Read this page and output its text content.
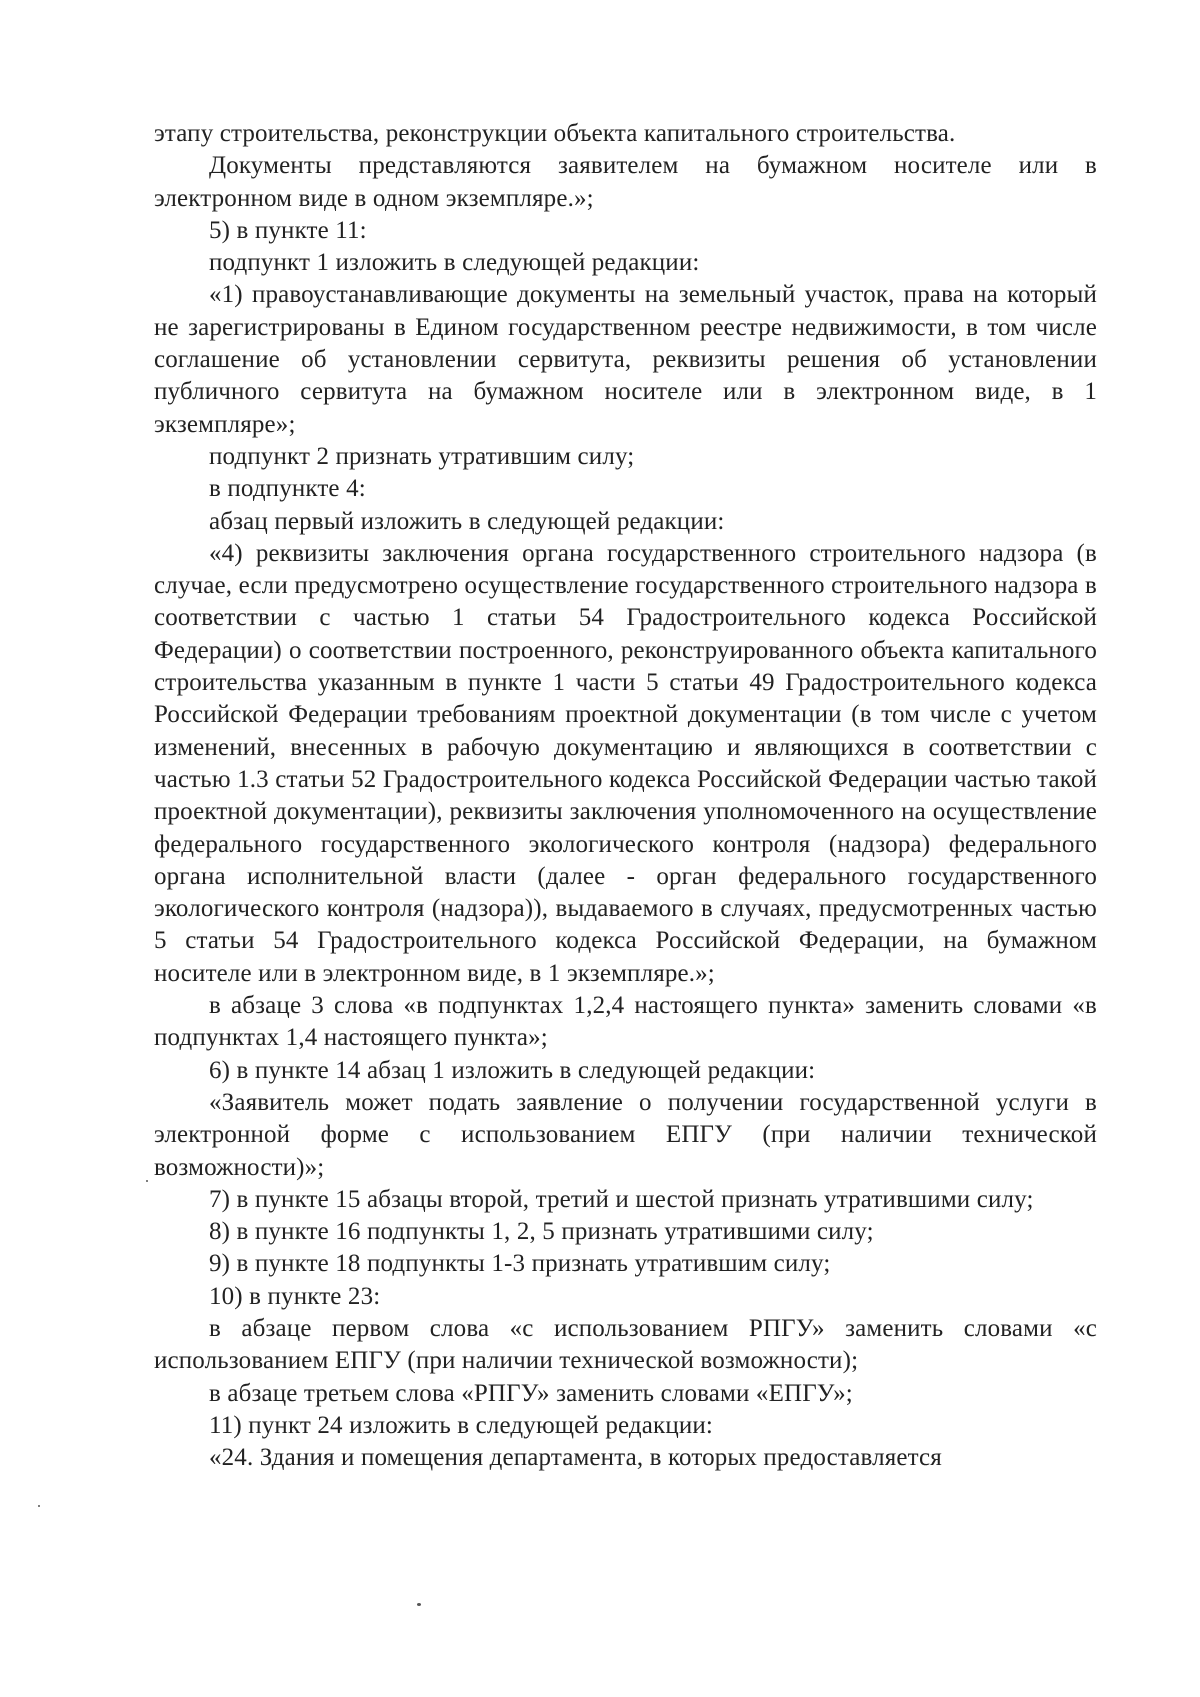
этапу строительства, реконструкции объекта капитального строительства.

Документы представляются заявителем на бумажном носителе или в электронном виде в одном экземпляре.»;

5) в пункте 11:

подпункт 1 изложить в следующей редакции:

«1) правоустанавливающие документы на земельный участок, права на который не зарегистрированы в Едином государственном реестре недвижимости, в том числе соглашение об установлении сервитута, реквизиты решения об установлении публичного сервитута на бумажном носителе или в электронном виде, в 1 экземпляре»;

подпункт 2 признать утратившим силу;

в подпункте 4:

абзац первый изложить в следующей редакции:

«4) реквизиты заключения органа государственного строительного надзора (в случае, если предусмотрено осуществление государственного строительного надзора в соответствии с частью 1 статьи 54 Градостроительного кодекса Российской Федерации) о соответствии построенного, реконструированного объекта капитального строительства указанным в пункте 1 части 5 статьи 49 Градостроительного кодекса Российской Федерации требованиям проектной документации (в том числе с учетом изменений, внесенных в рабочую документацию и являющихся в соответствии с частью 1.3 статьи 52 Градостроительного кодекса Российской Федерации частью такой проектной документации), реквизиты заключения уполномоченного на осуществление федерального государственного экологического контроля (надзора) федерального органа исполнительной власти (далее - орган федерального государственного экологического контроля (надзора)), выдаваемого в случаях, предусмотренных частью 5 статьи 54 Градостроительного кодекса Российской Федерации, на бумажном носителе или в электронном виде, в 1 экземпляре.»;

в абзаце 3 слова «в подпунктах 1,2,4 настоящего пункта» заменить словами «в подпунктах 1,4 настоящего пункта»;

6) в пункте 14 абзац 1 изложить в следующей редакции:

«Заявитель может подать заявление о получении государственной услуги в электронной форме с использованием ЕПГУ (при наличии технической возможности)»;

7) в пункте 15 абзацы второй, третий и шестой признать утратившими силу;

8) в пункте 16 подпункты 1, 2, 5 признать утратившими силу;

9) в пункте 18 подпункты 1-3 признать утратившим силу;

10) в пункте 23:

в абзаце первом слова «с использованием РПГУ» заменить словами «с использованием ЕПГУ (при наличии технической возможности);

в абзаце третьем слова «РПГУ» заменить словами «ЕПГУ»;

11) пункт 24 изложить в следующей редакции:

«24. Здания и помещения департамента, в которых предоставляется
